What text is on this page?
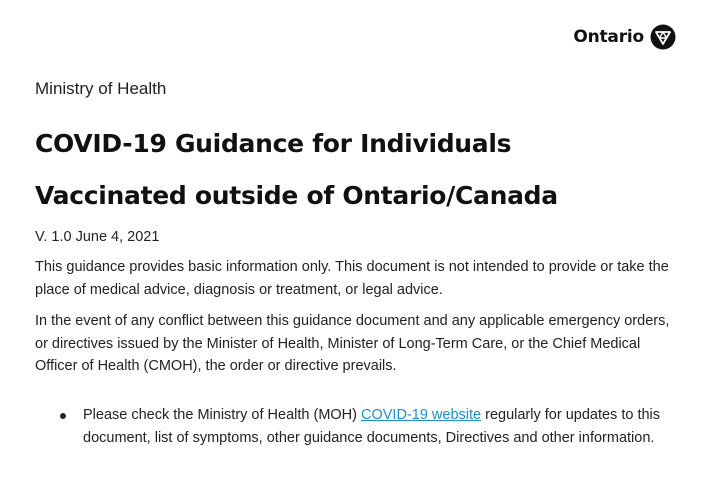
Ontario

Ministry of Health

COVID-19 Guidance for Individuals
Vaccinated outside of Ontario/Canada

V. 1.0 June 4, 2021

This guidance provides basic information only. This document is not intended to provide or take the place of medical advice, diagnosis or treatment, or legal advice.

In the event of any conflict between this guidance document and any applicable emergency orders, or directives issued by the Minister of Health, Minister of Long-Term Care, or the Chief Medical Officer of Health (CMOH), the order or directive prevails.

Please check the Ministry of Health (MOH) COVID-19 website regularly for updates to this document, list of symptoms, other guidance documents, Directives and other information.
